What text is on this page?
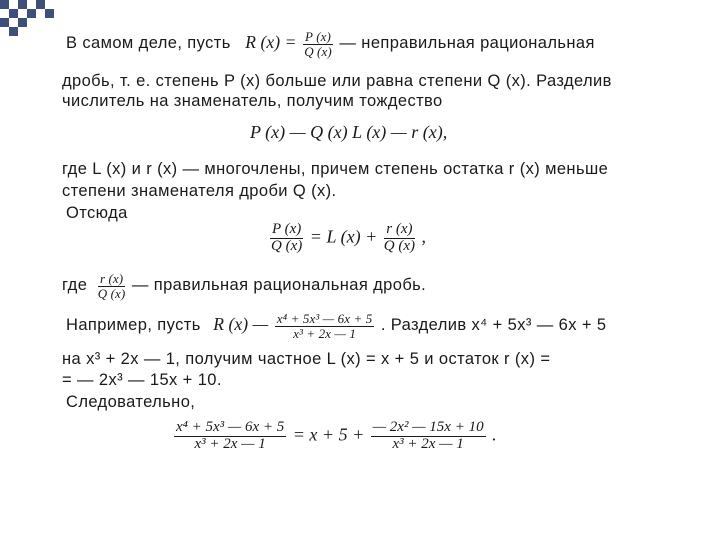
В самом деле, пусть R $(x) = \frac{P (x)}{Q (x)}$ — неправильная рациональная
дробь, т. е. степень P (x) больше или равна степени Q (x). Разделив
числитель на знаменатель, получим тождество
P (x) — Q (x) L (x) — r (x),
где L (x) и r (x) — многочлены, причем степень остатка r (x) меньше
степени знаменателя дроби Q (x).
Отсюда
$\frac{P (x)}{Q (x)} = L$ $(x) + \frac{r (x)}{Q (x)}$ ,
где $\frac{r (x)}{Q (x)}$ — правильная рациональная дробь.
Например, пусть R (x) — $\frac{\text{x⁴ + 5x³ — 6x + 5}}{\text{x³ + 2x — 1}}$ . Разделив x⁴ + 5x³ — 6x + 5
на x³ + 2x — 1, получим частное L (x) = x + 5 и остаток r (x) =
= — 2x³ — 15x + 10.
Следовательно,
$\frac{\text{x⁴ + 5x³ — 6x + 5}}{\text{x³ + 2x — 1}} = x + 5 + \frac{\text{— 2x² — 15x + 10}}{\text{x³ + 2x — 1}}$ .
